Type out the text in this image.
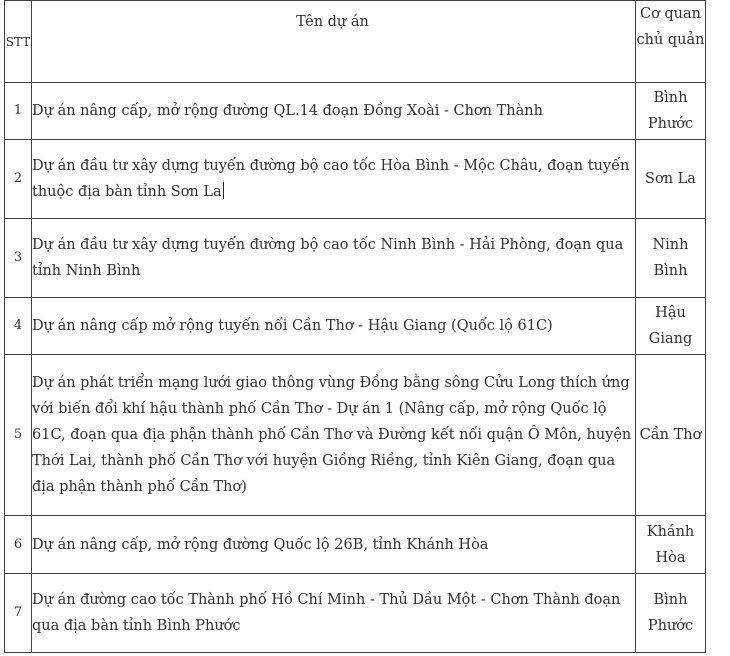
STT	Tên dự án	Cơ quan chủ quản
1	Dự án nâng cấp, mở rộng đường QL.14 đoạn Đồng Xoài - Chơn Thành	Bình Phước
2	Dự án đầu tư xây dựng tuyến đường bộ cao tốc Hòa Bình - Mộc Châu, đoạn tuyến thuộc địa bàn tỉnh Sơn La	Sơn La
3	Dự án đầu tư xây dựng tuyến đường bộ cao tốc Ninh Bình - Hải Phòng, đoạn qua tỉnh Ninh Bình	Ninh Bình
4	Dự án nâng cấp mở rộng tuyến nối Cần Thơ - Hậu Giang (Quốc lộ 61C)	Hậu Giang
5	Dự án phát triển mạng lưới giao thông vùng Đồng bằng sông Cửu Long thích ứng với biến đổi khí hậu thành phố Cần Thơ - Dự án 1 (Nâng cấp, mở rộng Quốc lộ 61C, đoạn qua địa phận thành phố Cần Thơ và Đường kết nối quận Ô Môn, huyện Thới Lai, thành phố Cần Thơ với huyện Giồng Riềng, tỉnh Kiên Giang, đoạn qua địa phận thành phố Cần Thơ)	Cần Thơ
6	Dự án nâng cấp, mở rộng đường Quốc lộ 26B, tỉnh Khánh Hòa	Khánh Hòa
7	Dự án đường cao tốc Thành phố Hồ Chí Minh - Thủ Dầu Một - Chơn Thành đoạn qua địa bàn tỉnh Bình Phước	Bình Phước
